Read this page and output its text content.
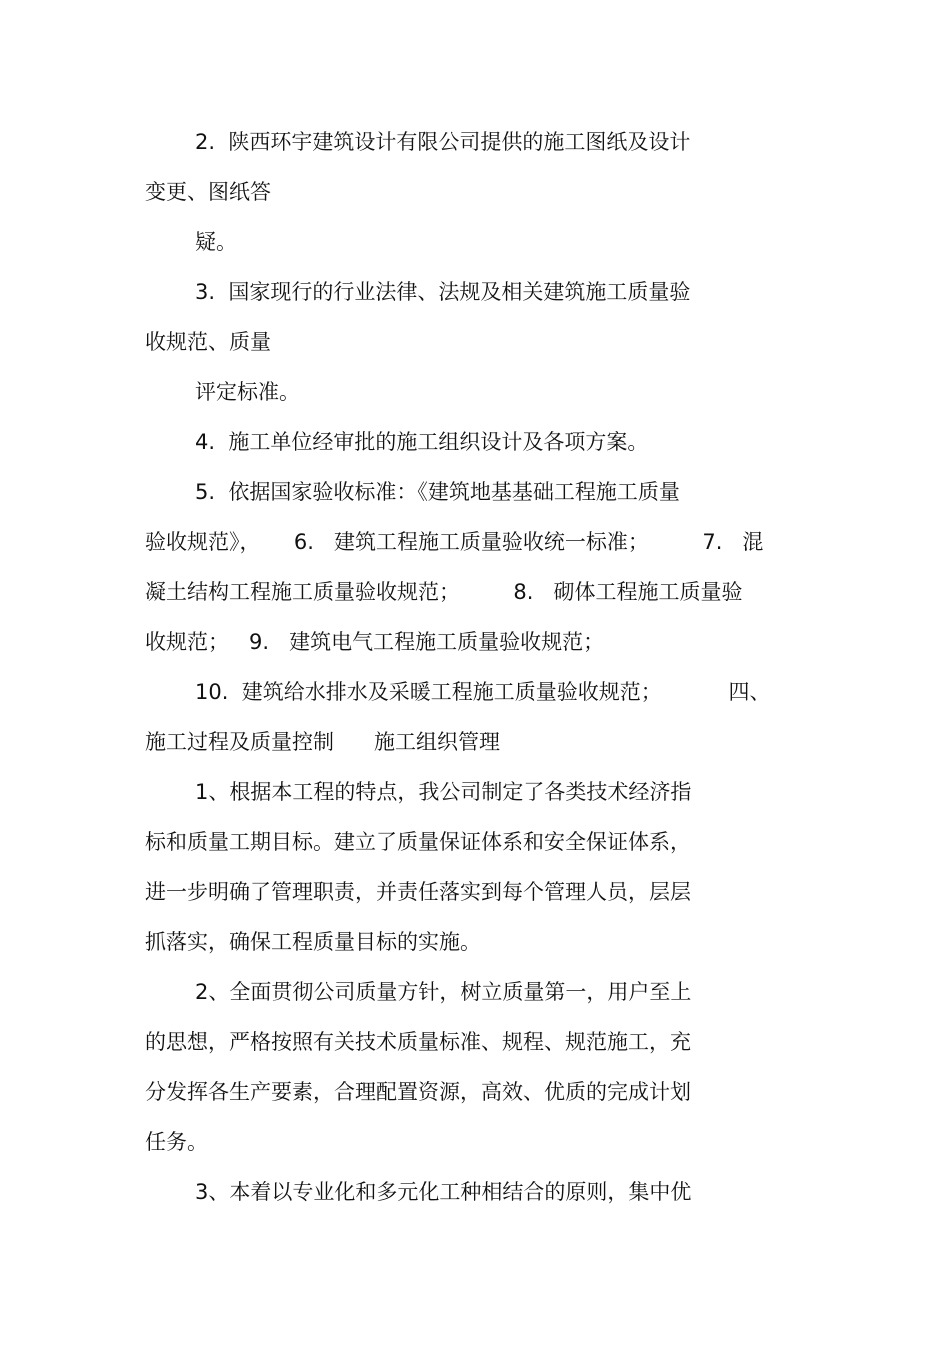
2.  陕西环宇建筑设计有限公司提供的施工图纸及设计

变更、图纸答

疑。

3.  国家现行的行业法律、法规及相关建筑施工质量验

收规范、质量

评定标准。

4.  施工单位经审批的施工组织设计及各项方案。

5.  依据国家验收标准：《建筑地基基础工程施工质量

验收规范》，     6.   建筑工程施工质量验收统一标准；        7.   混

凝土结构工程施工质量验收规范；        8.   砌体工程施工质量验

收规范；   9.   建筑电气工程施工质量验收规范；

10.  建筑给水排水及采暖工程施工质量验收规范；          四、

施工过程及质量控制      施工组织管理

1、根据本工程的特点，我公司制定了各类技术经济指

标和质量工期目标。建立了质量保证体系和安全保证体系，

进一步明确了管理职责，并责任落实到每个管理人员，层层

抓落实，确保工程质量目标的实施。

2、全面贯彻公司质量方针，树立质量第一，用户至上

的思想，严格按照有关技术质量标准、规程、规范施工，充

分发挥各生产要素，合理配置资源，高效、优质的完成计划

任务。

3、本着以专业化和多元化工种相结合的原则，集中优
